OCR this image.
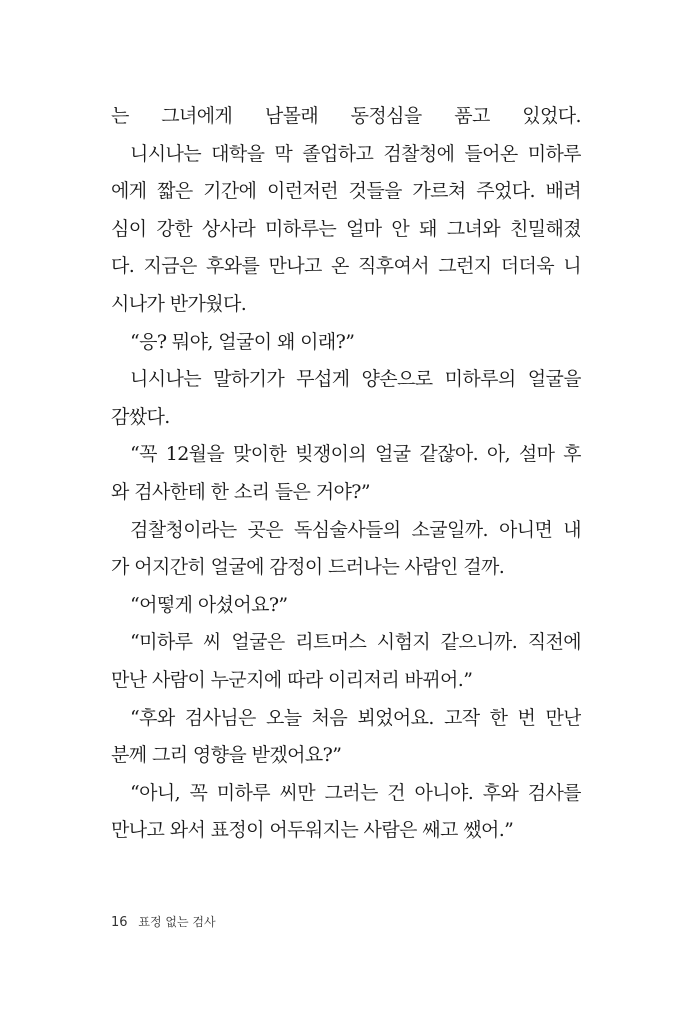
는 그녀에게 남몰래 동정심을 품고 있었다.
니시나는 대학을 막 졸업하고 검찰청에 들어온 미하루
에게 짧은 기간에 이런저런 것들을 가르쳐 주었다. 배려
심이 강한 상사라 미하루는 얼마 안 돼 그녀와 친밀해졌
다. 지금은 후와를 만나고 온 직후여서 그런지 더더욱 니
시나가 반가웠다.
“응? 뭐야, 얼굴이 왜 이래?”
니시나는 말하기가 무섭게 양손으로 미하루의 얼굴을
감쌌다.
“꼭 12월을 맞이한 빚쟁이의 얼굴 같잖아. 아, 설마 후
와 검사한테 한 소리 들은 거야?”
검찰청이라는 곳은 독심술사들의 소굴일까. 아니면 내
가 어지간히 얼굴에 감정이 드러나는 사람인 걸까.
“어떻게 아셨어요?”
“미하루 씨 얼굴은 리트머스 시험지 같으니까. 직전에
만난 사람이 누군지에 따라 이리저리 바뀌어.”
“후와 검사님은 오늘 처음 뵈었어요. 고작 한 번 만난
분께 그리 영향을 받겠어요?”
“아니, 꼭 미하루 씨만 그러는 건 아니야. 후와 검사를
만나고 와서 표정이 어두워지는 사람은 쌔고 쌨어.”
16 표정 없는 검사
